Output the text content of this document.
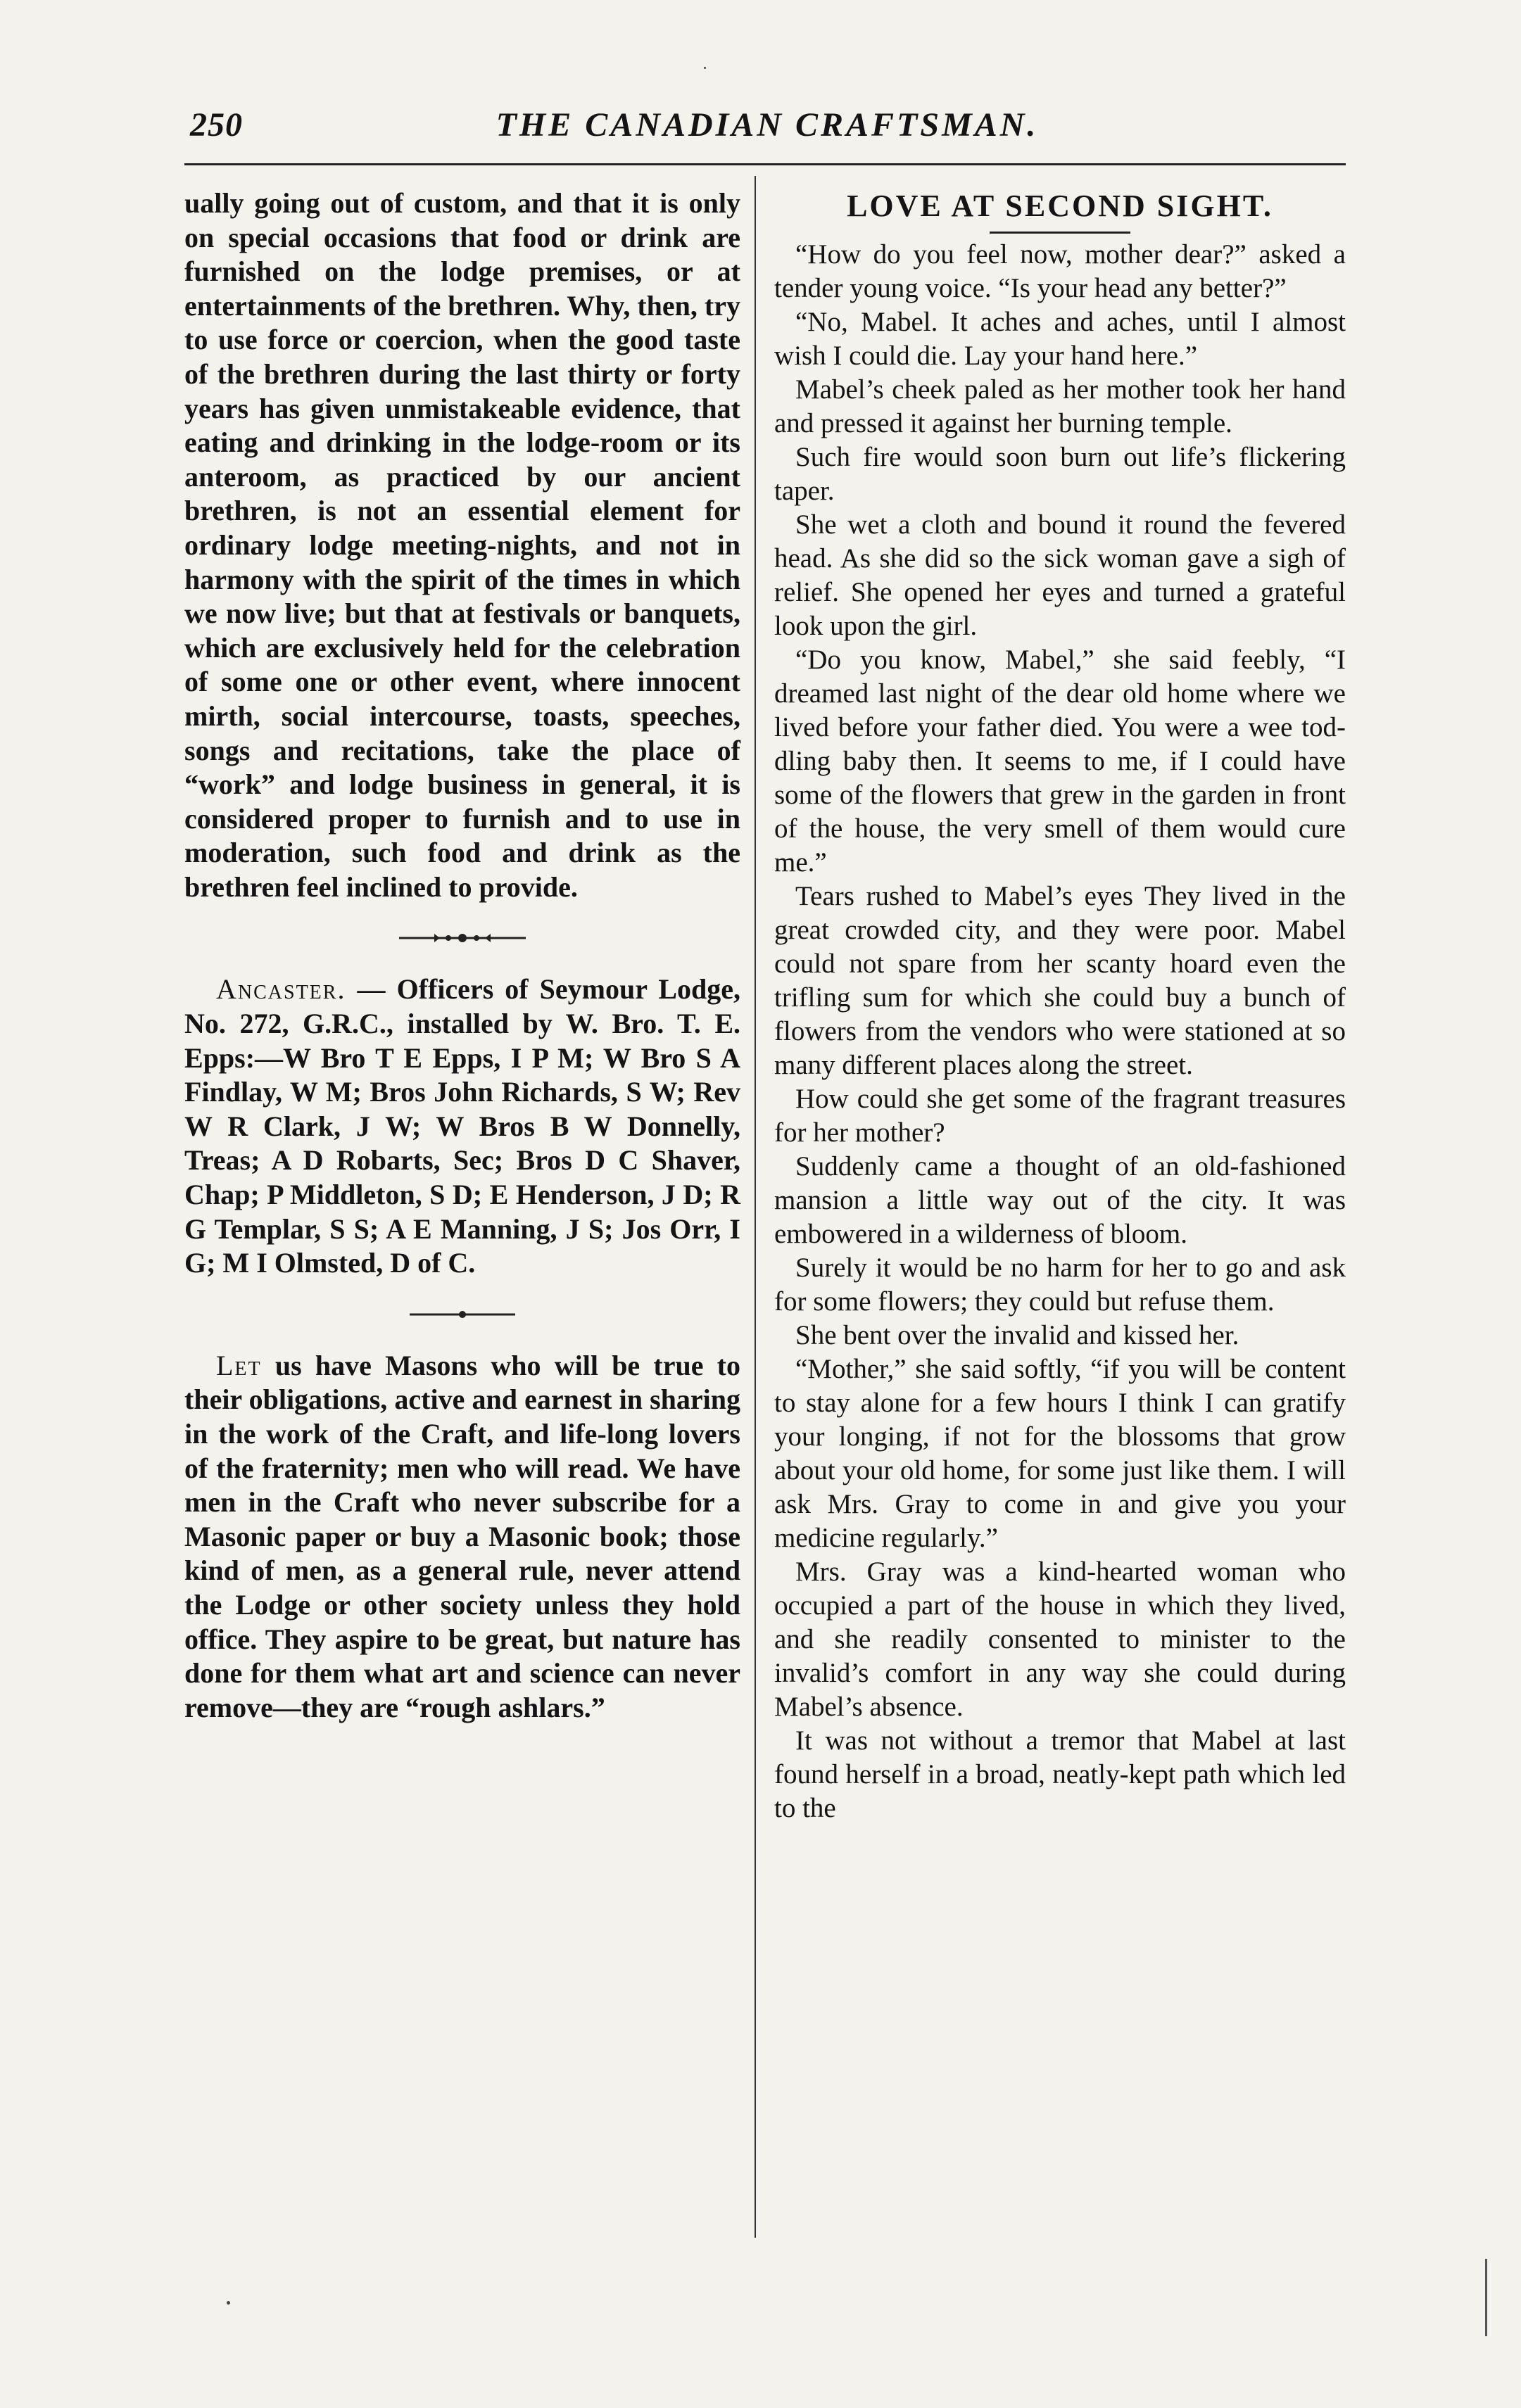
250	THE CANADIAN CRAFTSMAN.

ually going out of custom, and that it is only on special occasions that food or drink are furnished on the lodge premises, or at entertainments of the brethren. Why, then, try to use force or coercion, when the good taste of the brethren during the last thirty or forty years has given unmistakeable evidence, that eating and drinking in the lodge-room or its anteroom, as practiced by our ancient brethren, is not an essential element for ordinary lodge meeting-nights, and not in harmony with the spirit of the times in which we now live; but that at festivals or banquets, which are exclusively held for the celebration of some one or other event, where innocent mirth, social intercourse, toasts, speeches, songs and recitations, take the place of “work” and lodge business in general, it is considered proper to furnish and to use in moderation, such food and drink as the brethren feel inclined to provide.

Ancaster. — Officers of Seymour Lodge, No. 272, G.R.C., installed by W. Bro. T. E. Epps:—W Bro T E Epps, I P M; W Bro S A Findlay, W M; Bros John Richards, S W; Rev W R Clark, J W; W Bros B W Donnelly, Treas; A D Robarts, Sec; Bros D C Shaver, Chap; P Middleton, S D; E Henderson, J D; R G Templar, S S; A E Manning, J S; Jos Orr, I G; M I Olmsted, D of C.

Let us have Masons who will be true to their obligations, active and earnest in sharing in the work of the Craft, and life-long lovers of the fraternity; men who will read. We have men in the Craft who never subscribe for a Masonic paper or buy a Masonic book; those kind of men, as a general rule, never attend the Lodge or other society unless they hold office. They aspire to be great, but nature has done for them what art and science can never remove—they are “rough ashlars.”

LOVE AT SECOND SIGHT.

“How do you feel now, mother dear?” asked a tender young voice. “Is your head any better?”

“No, Mabel. It aches and aches, until I almost wish I could die. Lay your hand here.”

Mabel’s cheek paled as her mother took her hand and pressed it against her burning temple.

Such fire would soon burn out life’s flickering taper.

She wet a cloth and bound it round the fevered head. As she did so the sick woman gave a sigh of relief. She opened her eyes and turned a grateful look upon the girl.

“Do you know, Mabel,” she said feebly, “I dreamed last night of the dear old home where we lived before your father died. You were a wee toddling baby then. It seems to me, if I could have some of the flowers that grew in the garden in front of the house, the very smell of them would cure me.”

Tears rushed to Mabel’s eyes They lived in the great crowded city, and they were poor. Mabel could not spare from her scanty hoard even the trifling sum for which she could buy a bunch of flowers from the vendors who were stationed at so many different places along the street.

How could she get some of the fragrant treasures for her mother?

Suddenly came a thought of an old-fashioned mansion a little way out of the city. It was embowered in a wilderness of bloom.

Surely it would be no harm for her to go and ask for some flowers; they could but refuse them.

She bent over the invalid and kissed her.

“Mother,” she said softly, “if you will be content to stay alone for a few hours I think I can gratify your longing, if not for the blossoms that grow about your old home, for some just like them. I will ask Mrs. Gray to come in and give you your medicine regularly.”

Mrs. Gray was a kind-hearted woman who occupied a part of the house in which they lived, and she readily consented to minister to the invalid’s comfort in any way she could during Mabel’s absence.

It was not without a tremor that Mabel at last found herself in a broad, neatly-kept path which led to the
